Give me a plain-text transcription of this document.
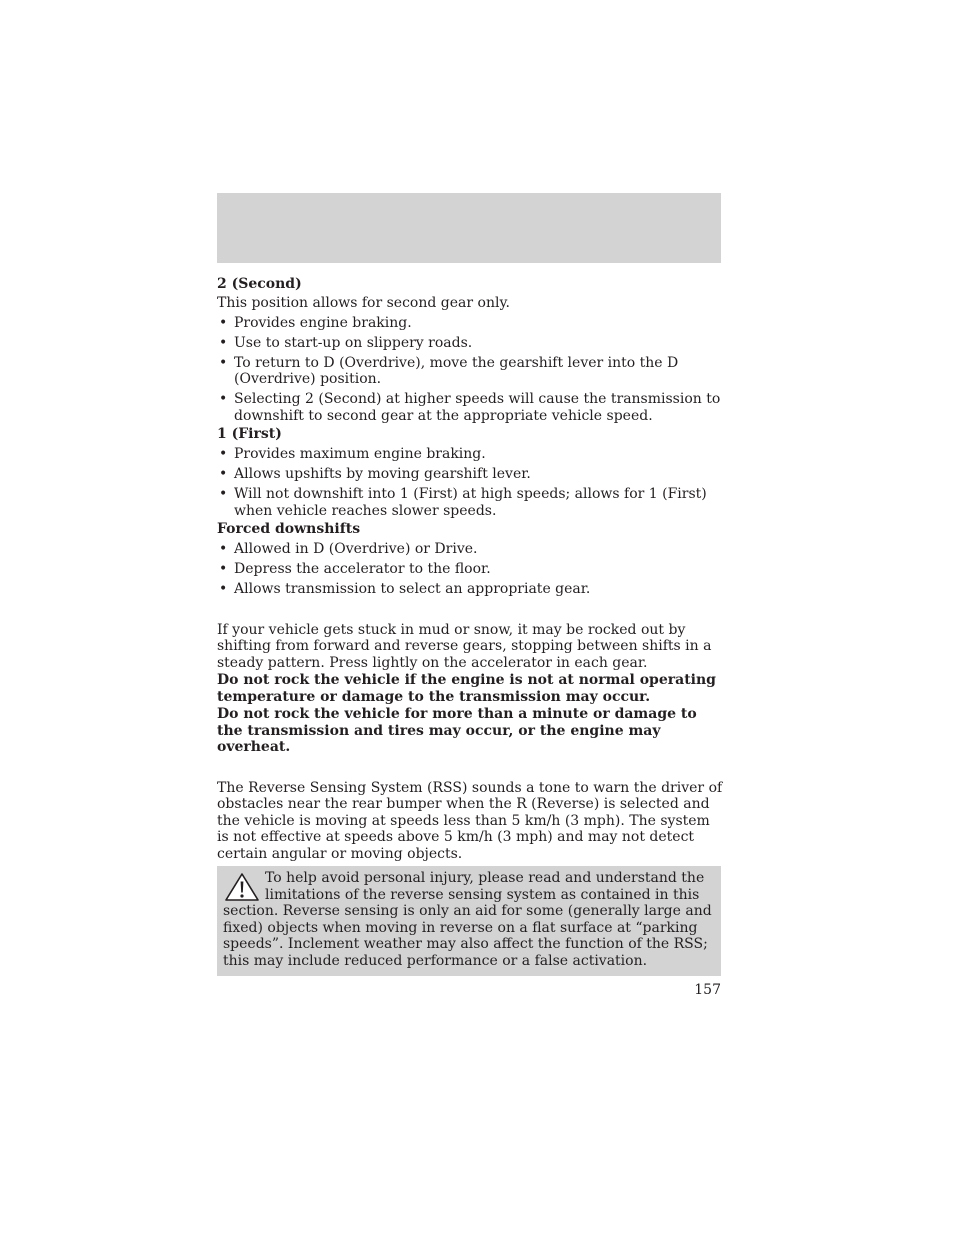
2 (Second)

This position allows for second gear only.

• Provides engine braking.
• Use to start-up on slippery roads.
• To return to D (Overdrive), move the gearshift lever into the D (Overdrive) position.
• Selecting 2 (Second) at higher speeds will cause the transmission to downshift to second gear at the appropriate vehicle speed.

1 (First)

• Provides maximum engine braking.
• Allows upshifts by moving gearshift lever.
• Will not downshift into 1 (First) at high speeds; allows for 1 (First) when vehicle reaches slower speeds.

Forced downshifts

• Allowed in D (Overdrive) or Drive.
• Depress the accelerator to the floor.
• Allows transmission to select an appropriate gear.

If your vehicle gets stuck in mud or snow, it may be rocked out by shifting from forward and reverse gears, stopping between shifts in a steady pattern. Press lightly on the accelerator in each gear.

Do not rock the vehicle if the engine is not at normal operating temperature or damage to the transmission may occur.

Do not rock the vehicle for more than a minute or damage to the transmission and tires may occur, or the engine may overheat.

The Reverse Sensing System (RSS) sounds a tone to warn the driver of obstacles near the rear bumper when the R (Reverse) is selected and the vehicle is moving at speeds less than 5 km/h (3 mph). The system is not effective at speeds above 5 km/h (3 mph) and may not detect certain angular or moving objects.

To help avoid personal injury, please read and understand the limitations of the reverse sensing system as contained in this section. Reverse sensing is only an aid for some (generally large and fixed) objects when moving in reverse on a flat surface at “parking speeds”. Inclement weather may also affect the function of the RSS; this may include reduced performance or a false activation.
157
